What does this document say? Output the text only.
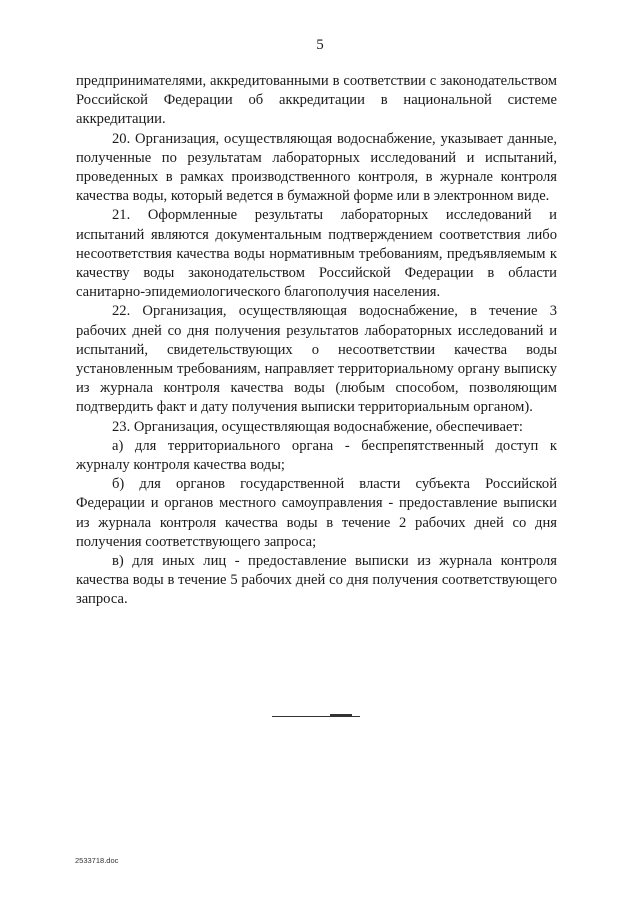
5

предпринимателями, аккредитованными в соответствии с законодательством Российской Федерации об аккредитации в национальной системе аккредитации.

20. Организация, осуществляющая водоснабжение, указывает данные, полученные по результатам лабораторных исследований и испытаний, проведенных в рамках производственного контроля, в журнале контроля качества воды, который ведется в бумажной форме или в электронном виде.

21. Оформленные результаты лабораторных исследований и испытаний являются документальным подтверждением соответствия либо несоответствия качества воды нормативным требованиям, предъявляемым к качеству воды законодательством Российской Федерации в области санитарно-эпидемиологического благополучия населения.

22. Организация, осуществляющая водоснабжение, в течение 3 рабочих дней со дня получения результатов лабораторных исследований и испытаний, свидетельствующих о несоответствии качества воды установленным требованиям, направляет территориальному органу выписку из журнала контроля качества воды (любым способом, позволяющим подтвердить факт и дату получения выписки территориальным органом).

23. Организация, осуществляющая водоснабжение, обеспечивает:

а) для территориального органа - беспрепятственный доступ к журналу контроля качества воды;

б) для органов государственной власти субъекта Российской Федерации и органов местного самоуправления - предоставление выписки из журнала контроля качества воды в течение 2 рабочих дней со дня получения соответствующего запроса;

в) для иных лиц - предоставление выписки из журнала контроля качества воды в течение 5 рабочих дней со дня получения соответствующего запроса.

2533718.doc
